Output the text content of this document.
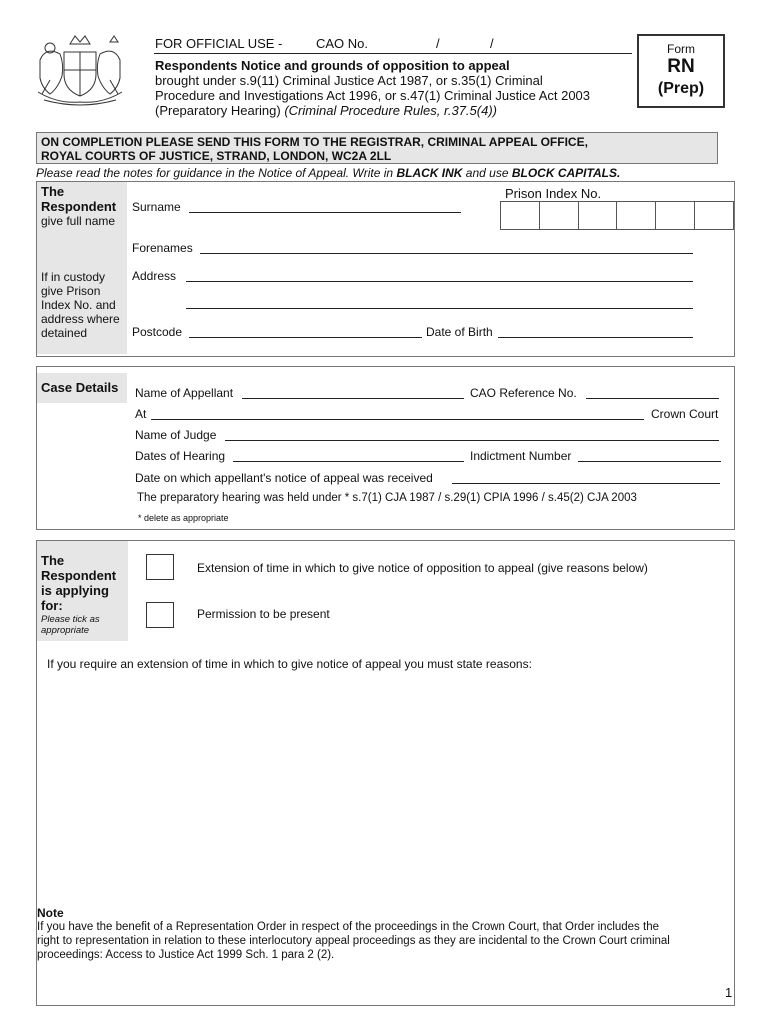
FOR OFFICIAL USE -	CAO No.	/	/
Respondents Notice and grounds of opposition to appeal
brought under s.9(11) Criminal Justice Act 1987, or s.35(1) Criminal
Procedure and Investigations Act 1996, or s.47(1) Criminal Justice Act 2003
(Preparatory Hearing) (Criminal Procedure Rules, r.37.5(4))
Form
RN
(Prep)
ON COMPLETION PLEASE SEND THIS FORM TO THE REGISTRAR, CRIMINAL APPEAL OFFICE,
ROYAL COURTS OF JUSTICE, STRAND, LONDON, WC2A 2LL
Please read the notes for guidance in the Notice of Appeal. Write in BLACK INK and use BLOCK CAPITALS.
The
Respondent
give full name
If in custody
give Prison
Index No. and
address where
detained
Prison Index No.
Surname
Forenames
Address
Postcode	Date of Birth
Case Details Name of Appellant	CAO Reference No.
At	Crown Court
Name of Judge
Dates of Hearing	Indictment Number
Date on which appellant's notice of appeal was received
The preparatory hearing was held under * s.7(1) CJA 1987 / s.29(1) CPIA 1996 / s.45(2) CJA 2003
* delete as appropriate
The
Respondent
is applying
for:
Please tick as
appropriate
Extension of time in which to give notice of opposition to appeal (give reasons below)
Permission to be present
If you require an extension of time in which to give notice of appeal you must state reasons:
Note
If you have the benefit of a Representation Order in respect of the proceedings in the Crown Court, that Order includes the
right to representation in relation to these interlocutory appeal proceedings as they are incidental to the Crown Court criminal
proceedings: Access to Justice Act 1999 Sch. 1 para 2 (2).
1
